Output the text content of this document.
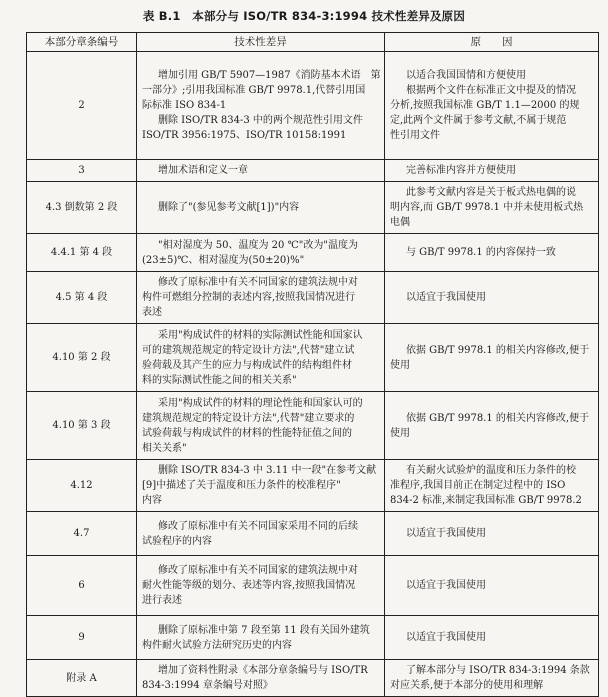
表 B.1　本部分与 ISO/TR 834-3:1994 技术性差异及原因
本部分章条编号	技术性差异	原　　因
2	增加引用 GB/T 5907—1987《消防基本术语　第
一部分》;引用我国标准 GB/T 9978.1,代替引用国
际标准 ISO 834-1
删除 ISO/TR 834-3 中的两个规范性引用文件
ISO/TR 3956:1975、ISO/TR 10158:1991	以适合我国国情和方便使用
根据两个文件在标准正文中提及的情况
分析,按照我国标准 GB/T 1.1—2000 的规
定,此两个文件属于参考文献,不属于规范
性引用文件

3	增加术语和定义一章	完善标准内容并方便使用

4.3 倒数第 2 段	删除了"(参见参考文献[1])"内容	此参考文献内容是关于板式热电偶的说
明内容,而 GB/T 9978.1 中并未使用板式热
电偶

4.4.1 第 4 段	"相对湿度为 50、温度为 20 ℃"改为"温度为
(23±5)℃、相对湿度为(50±20)%"	与 GB/T 9978.1 的内容保持一致

4.5 第 4 段	修改了原标准中有关不同国家的建筑法规中对
构件可燃组分控制的表述内容,按照我国情况进行
表述	以适宜于我国使用

4.10 第 2 段	采用"构成试件的材料的实际测试性能和国家认
可的建筑规范规定的特定设计方法",代替"建立试
验荷载及其产生的应力与构成试件的结构组件材
料的实际测试性能之间的相关关系"	依据 GB/T 9978.1 的相关内容修改,便于
使用

4.10 第 3 段	采用"构成试件的材料的理论性能和国家认可的
建筑规范规定的特定设计方法",代替"建立要求的
试验荷载与构成试件的材料的性能特征值之间的
相关关系"	依据 GB/T 9978.1 的相关内容修改,便于
使用

4.12	删除 ISO/TR 834-3 中 3.11 中一段"在参考文献
[9]中描述了关于温度和压力条件的校准程序"
内容	有关耐火试验炉的温度和压力条件的校
准程序,我国目前正在制定过程中的 ISO
834-2 标准,来制定我国标准 GB/T 9978.2

4.7	修改了原标准中有关不同国家采用不同的后续
试验程序的内容	以适宜于我国使用

6	修改了原标准中有关不同国家的建筑法规中对
耐火性能等级的划分、表述等内容,按照我国情况
进行表述	以适宜于我国使用

9	删除了原标准中第 7 段至第 11 段有关国外建筑
构件耐火试验方法研究历史的内容	以适宜于我国使用

附录 A	增加了资料性附录《本部分章条编号与 ISO/TR
834-3:1994 章条编号对照》	了解本部分与 ISO/TR 834-3:1994 条款
对应关系,便于本部分的使用和理解
